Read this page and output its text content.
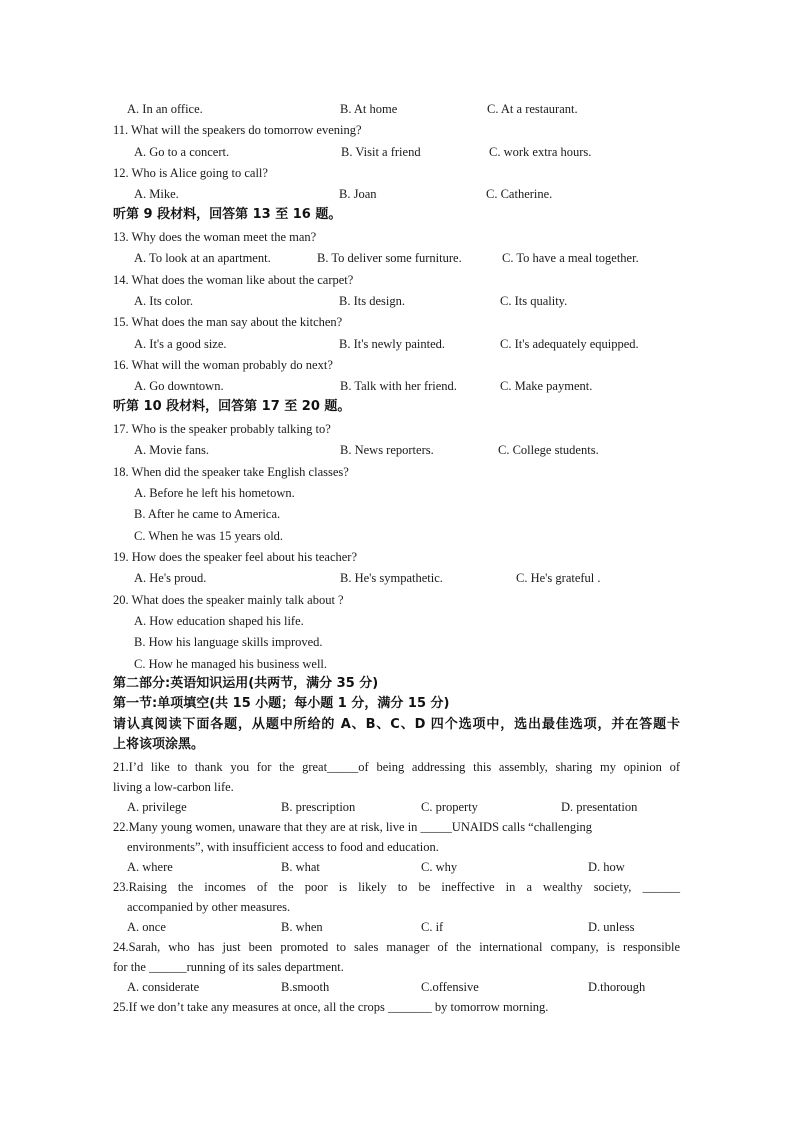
A. In an office.	B. At home	C. At a restaurant.
11. What will the speakers do tomorrow evening?
A. Go to a concert.	B. Visit a friend	C. work extra hours.
12. Who is Alice going to call?
A. Mike.	B. Joan	C. Catherine.
听第 9 段材料，回答第 13 至 16 题。
13. Why does the woman meet the man?
A. To look at an apartment.	B. To deliver some furniture.	C. To have a meal together.
14. What does the woman like about the carpet?
A. Its color.	B. Its design.	C. Its quality.
15. What does the man say about the kitchen?
A. It's a good size.	B. It's newly painted.	C. It's adequately equipped.
16. What will the woman probably do next?
A. Go downtown.	B. Talk with her friend.	C. Make payment.
听第 10 段材料，回答第 17 至 20 题。
17. Who is the speaker probably talking to?
A. Movie fans.	B. News reporters.	C. College students.
18. When did the speaker take English classes?
A. Before he left his hometown.
B. After he came to America.
C. When he was 15 years old.
19. How does the speaker feel about his teacher?
A. He's proud.	B. He's sympathetic.	C. He's grateful .
20. What does the speaker mainly talk about ?
A. How education shaped his life.
B. How his language skills improved.
C. How he managed his business well.
第二部分:英语知识运用(共两节，满分 35 分)
第一节:单项填空(共 15 小题；每小题 1 分，满分 15 分)
请认真阅读下面各题，从题中所给的 A、B、C、D 四个选项中，选出最佳选项，并在答题卡
上将该项涂黑。
21.I’d like to thank you for the great_____of being addressing this assembly, sharing my opinion of
living a low-carbon life.
A. privilege	B. prescription	C. property	D. presentation
22.Many young women, unaware that they are at risk, live in _____UNAIDS calls “challenging
environments”, with insufficient access to food and education.
A. where	B. what	C. why	D. how
23.Raising the incomes of the poor is likely to be ineffective in a wealthy society, ______
accompanied by other measures.
A. once	B. when	C. if	D. unless
24.Sarah, who has just been promoted to sales manager of the international company, is responsible
for the ______running of its sales department.
A. considerate	B.smooth	C.offensive	D.thorough
25.If we don’t take any measures at once, all the crops _______ by tomorrow morning.
